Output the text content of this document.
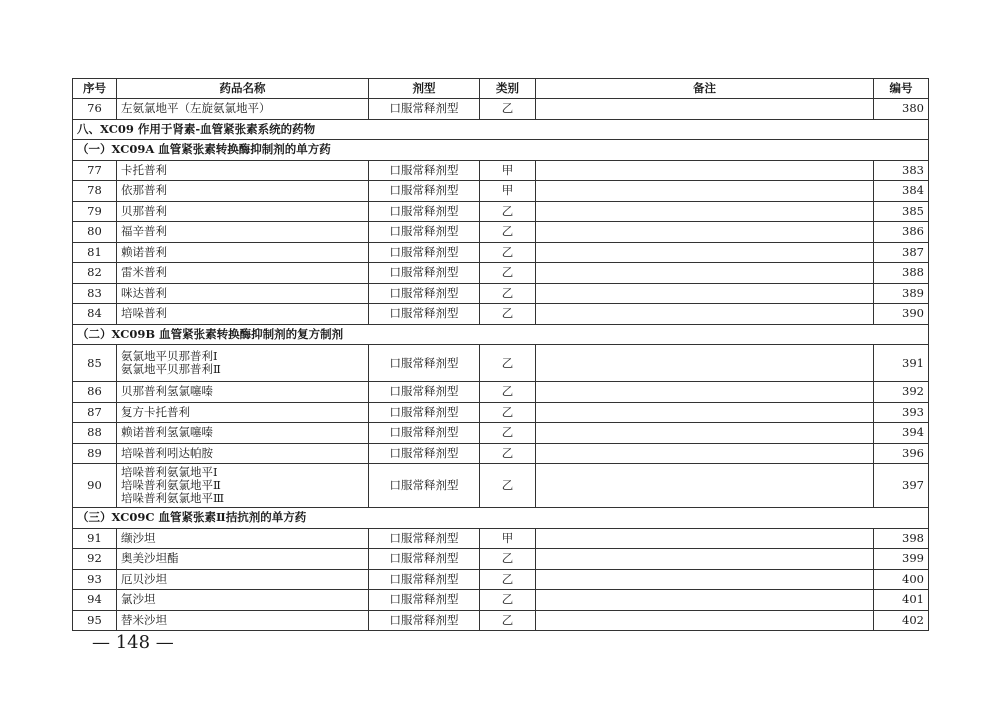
序号	药品名称	剂型	类别	备注	编号
76	左氨氯地平（左旋氨氯地平）	口服常释剂型	乙		380
八、XC09 作用于肾素-血管紧张素系统的药物					
（一）XC09A 血管紧张素转换酶抑制剂的单方药					
77	卡托普利	口服常释剂型	甲		383
78	依那普利	口服常释剂型	甲		384
79	贝那普利	口服常释剂型	乙		385
80	福辛普利	口服常释剂型	乙		386
81	赖诺普利	口服常释剂型	乙		387
82	雷米普利	口服常释剂型	乙		388
83	咪达普利	口服常释剂型	乙		389
84	培哚普利	口服常释剂型	乙		390
（二）XC09B 血管紧张素转换酶抑制剂的复方制剂					
85	氨氯地平贝那普利Ⅰ
氨氯地平贝那普利Ⅱ	口服常释剂型	乙		391
86	贝那普利氢氯噻嗪	口服常释剂型	乙		392
87	复方卡托普利	口服常释剂型	乙		393
88	赖诺普利氢氯噻嗪	口服常释剂型	乙		394
89	培哚普利吲达帕胺	口服常释剂型	乙		396
90	培哚普利氨氯地平Ⅰ
培哚普利氨氯地平Ⅱ
培哚普利氨氯地平Ⅲ	口服常释剂型	乙		397
（三）XC09C 血管紧张素Ⅱ拮抗剂的单方药					
91	缬沙坦	口服常释剂型	甲		398
92	奥美沙坦酯	口服常释剂型	乙		399
93	厄贝沙坦	口服常释剂型	乙		400
94	氯沙坦	口服常释剂型	乙		401
95	替米沙坦	口服常释剂型	乙		402
— 148 —
